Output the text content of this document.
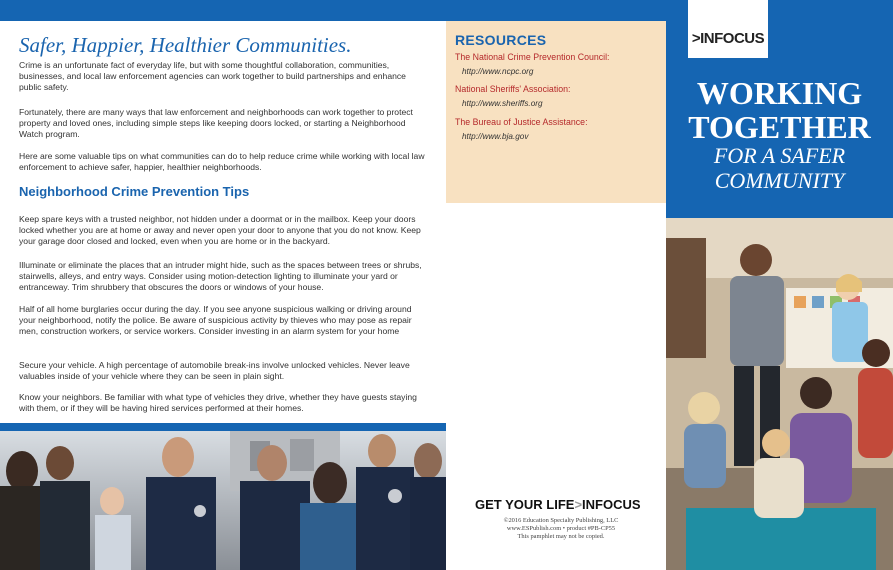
Safer, Happier, Healthier Communities.

Crime is an unfortunate fact of everyday life, but with some thoughtful collaboration, communities, businesses, and local law enforcement agencies can work together to build partnerships and enhance public safety.

Fortunately, there are many ways that law enforcement and neighborhoods can work together to protect property and loved ones, including simple steps like keeping doors locked, or starting a Neighborhood Watch program.

Here are some valuable tips on what communities can do to help reduce crime while working with local law enforcement to achieve safer, happier, healthier neighborhoods.

Neighborhood Crime Prevention Tips

Keep spare keys with a trusted neighbor, not hidden under a doormat or in the mailbox. Keep your doors locked whether you are at home or away and never open your door to anyone that you do not know. Keep your garage door closed and locked, even when you are home or in the backyard.

Illuminate or eliminate the places that an intruder might hide, such as the spaces between trees or shrubs, stairwells, alleys, and entry ways. Consider using motion-detection lighting to illuminate your yard or entranceway. Trim shrubbery that obscures the doors or windows of your house.

Half of all home burglaries occur during the day. If you see anyone suspicious walking or driving around your neighborhood, notify the police. Be aware of suspicious activity by thieves who may pose as repair men, construction workers, or service workers. Consider investing in an alarm system for your home

Secure your vehicle. A high percentage of automobile break-ins involve unlocked vehicles. Never leave valuables inside of your vehicle where they can be seen in plain sight.

Know your neighbors. Be familiar with what type of vehicles they drive, whether they have guests staying with them, or if they will be having hired services performed at their homes.

RESOURCES
The National Crime Prevention Council:
http://www.ncpc.org
National Sheriffs' Association:
http://www.sheriffs.org
The Bureau of Justice Assistance:
http://www.bja.gov
GET YOUR LIFE>INFOCUS
©2016 Education Specialty Publishing, LLC
www.ESPublish.com • product #PB-CP55
This pamphlet may not be copied.
>INFOCUS
WORKING
TOGETHER
FOR A SAFER
COMMUNITY
